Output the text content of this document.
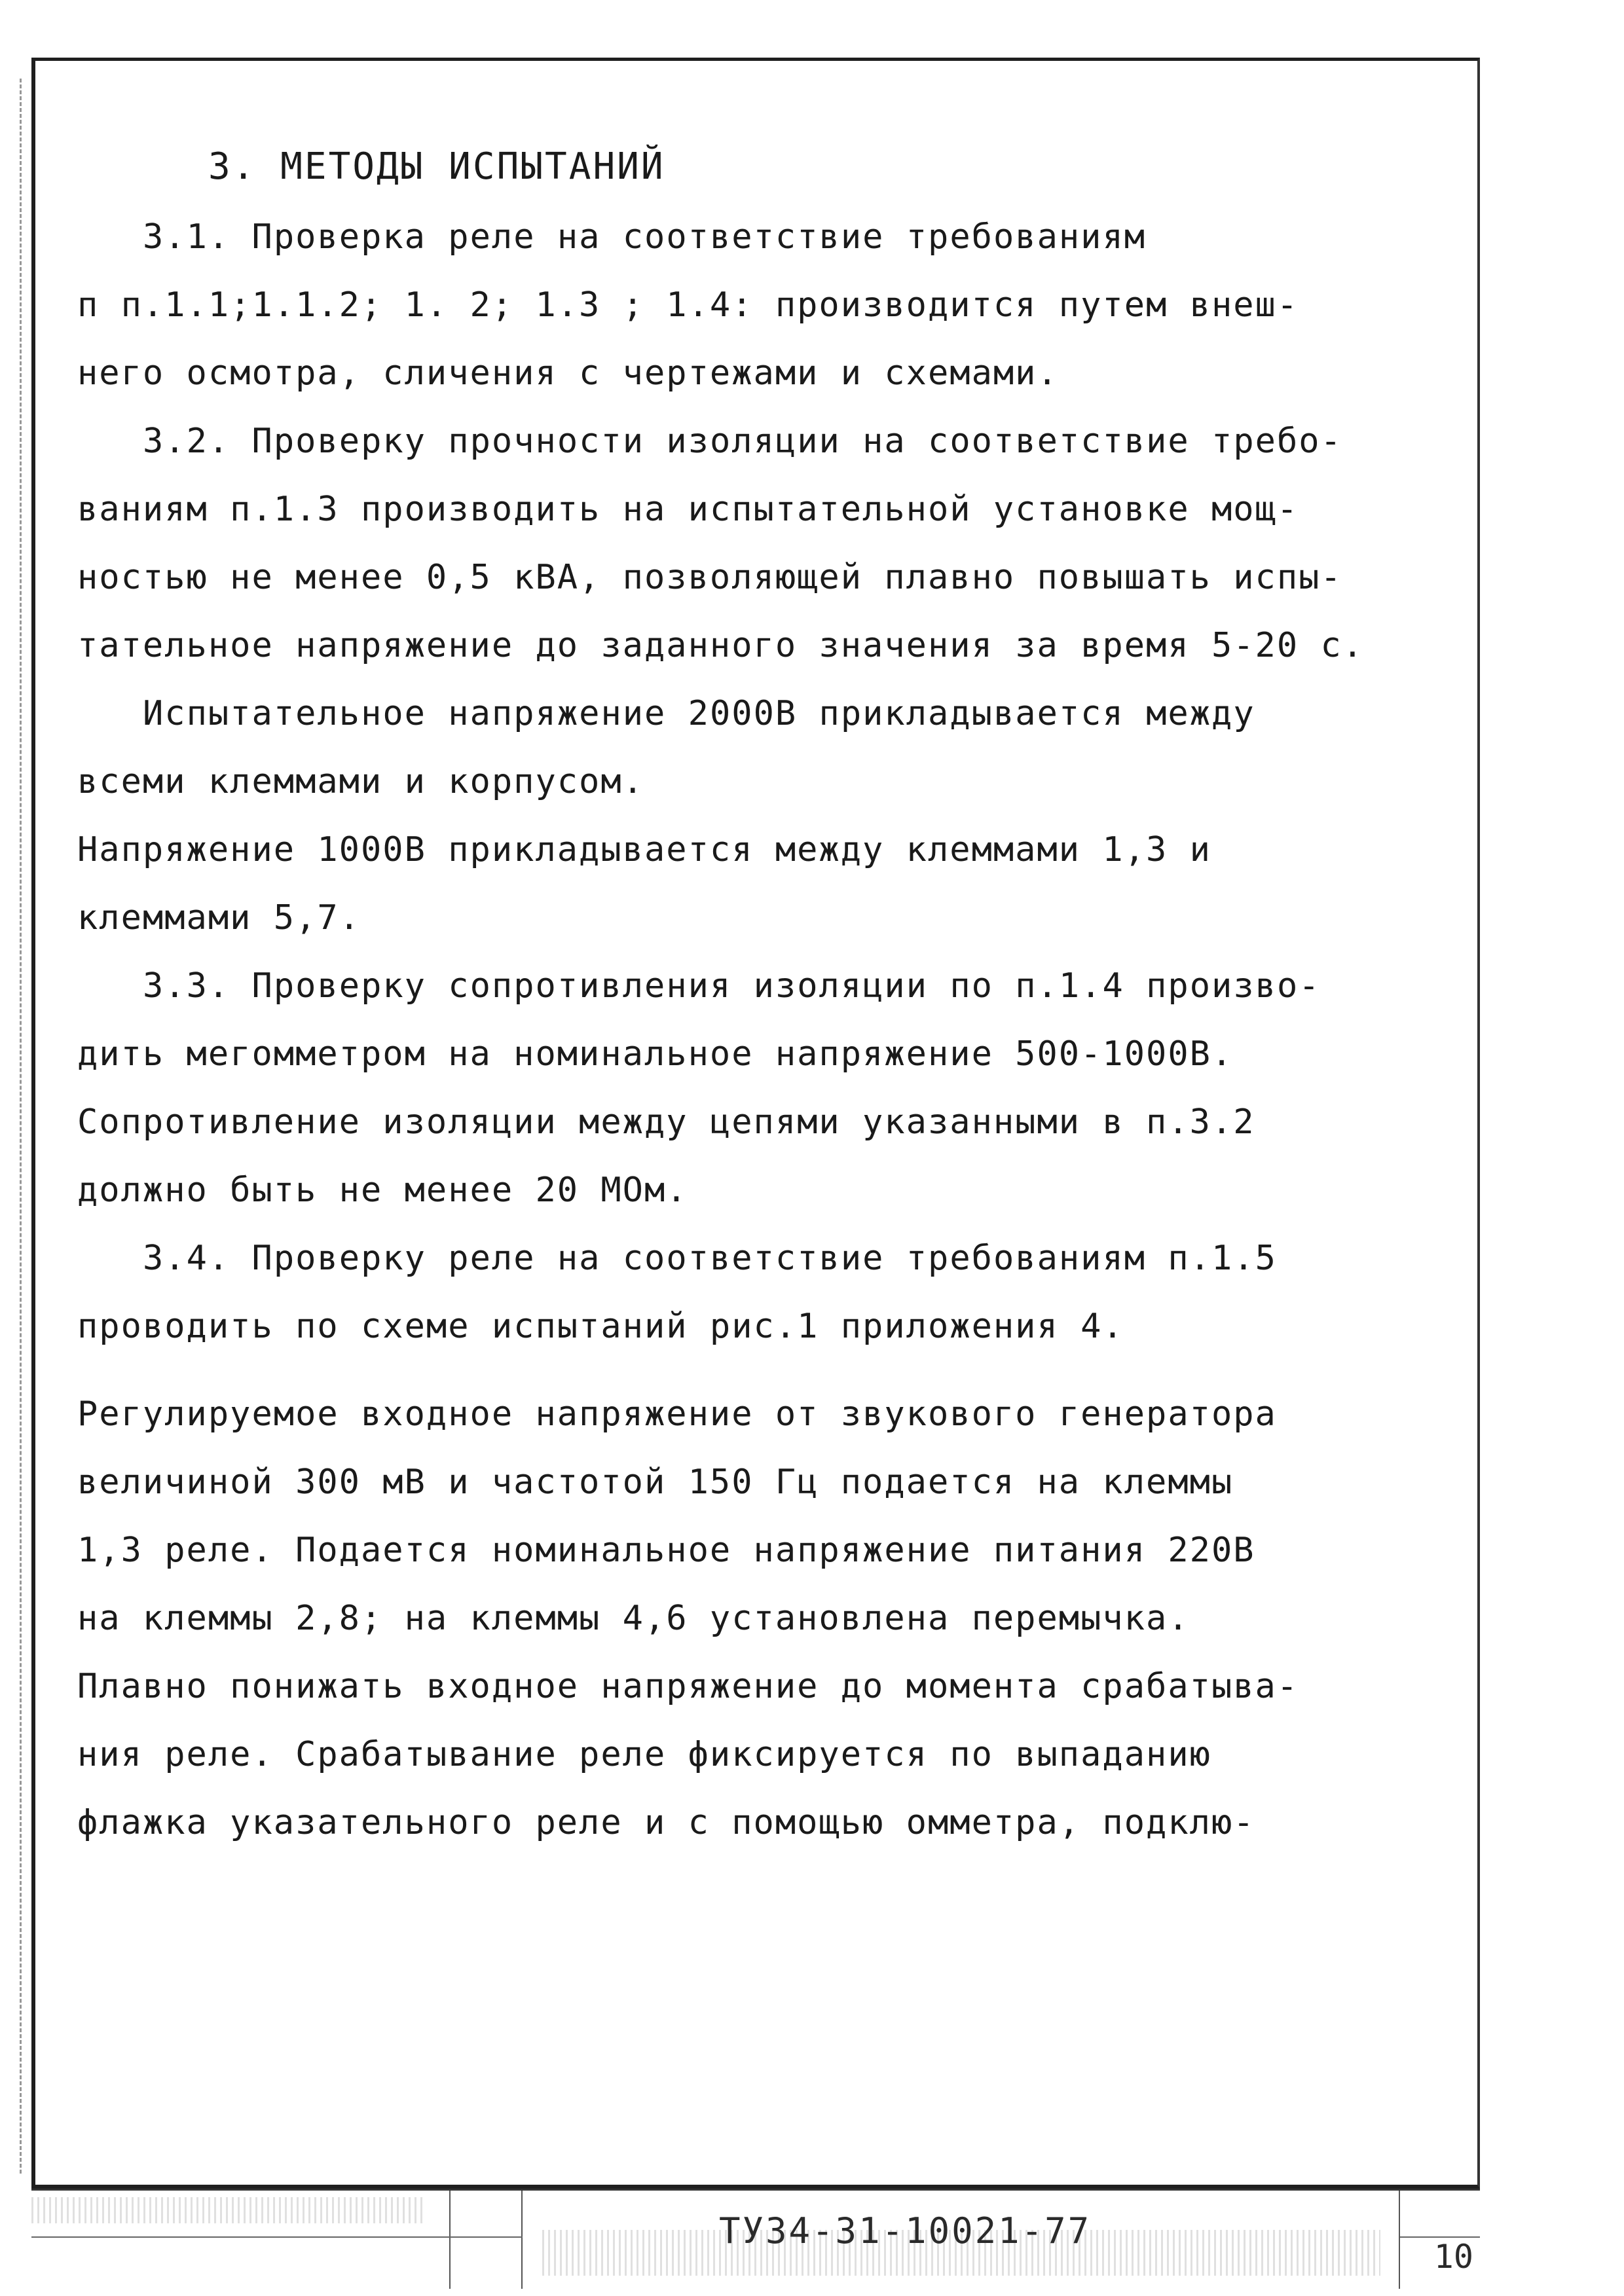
3. МЕТОДЫ ИСПЫТАНИЙ
3.1. Проверка реле на соответствие требованиям
п п.1.1;1.1.2; 1. 2; 1.3 ; 1.4: производится путем внеш-
него осмотра, сличения с чертежами и схемами.
3.2. Проверку прочности изоляции на соответствие требо-
ваниям п.1.3 производить на испытательной установке мощ-
ностью не менее 0,5 кВА, позволяющей плавно повышать испы-
тательное напряжение до заданного значения за время 5-20 с.
Испытательное напряжение 2000В прикладывается между
всеми клеммами и корпусом.
Напряжение 1000В прикладывается между клеммами 1,3 и
клеммами 5,7.
3.3. Проверку сопротивления изоляции по п.1.4 произво-
дить мегомметром на номинальное напряжение 500-1000В.
Сопротивление изоляции между цепями указанными в п.3.2
должно быть не менее 20 МОм.
3.4. Проверку реле на соответствие требованиям п.1.5
проводить по схеме испытаний рис.1 приложения 4.
Регулируемое входное напряжение от звукового генератора
величиной 300 мВ и частотой 150 Гц подается на клеммы
1,3 реле. Подается номинальное напряжение питания 220В
на клеммы 2,8; на клеммы 4,6 установлена перемычка.
Плавно понижать входное напряжение до момента срабатыва-
ния реле. Срабатывание реле фиксируется по выпаданию
флажка указательного реле и с помощью омметра, подклю-
ТУ34-31-10021-77
10
